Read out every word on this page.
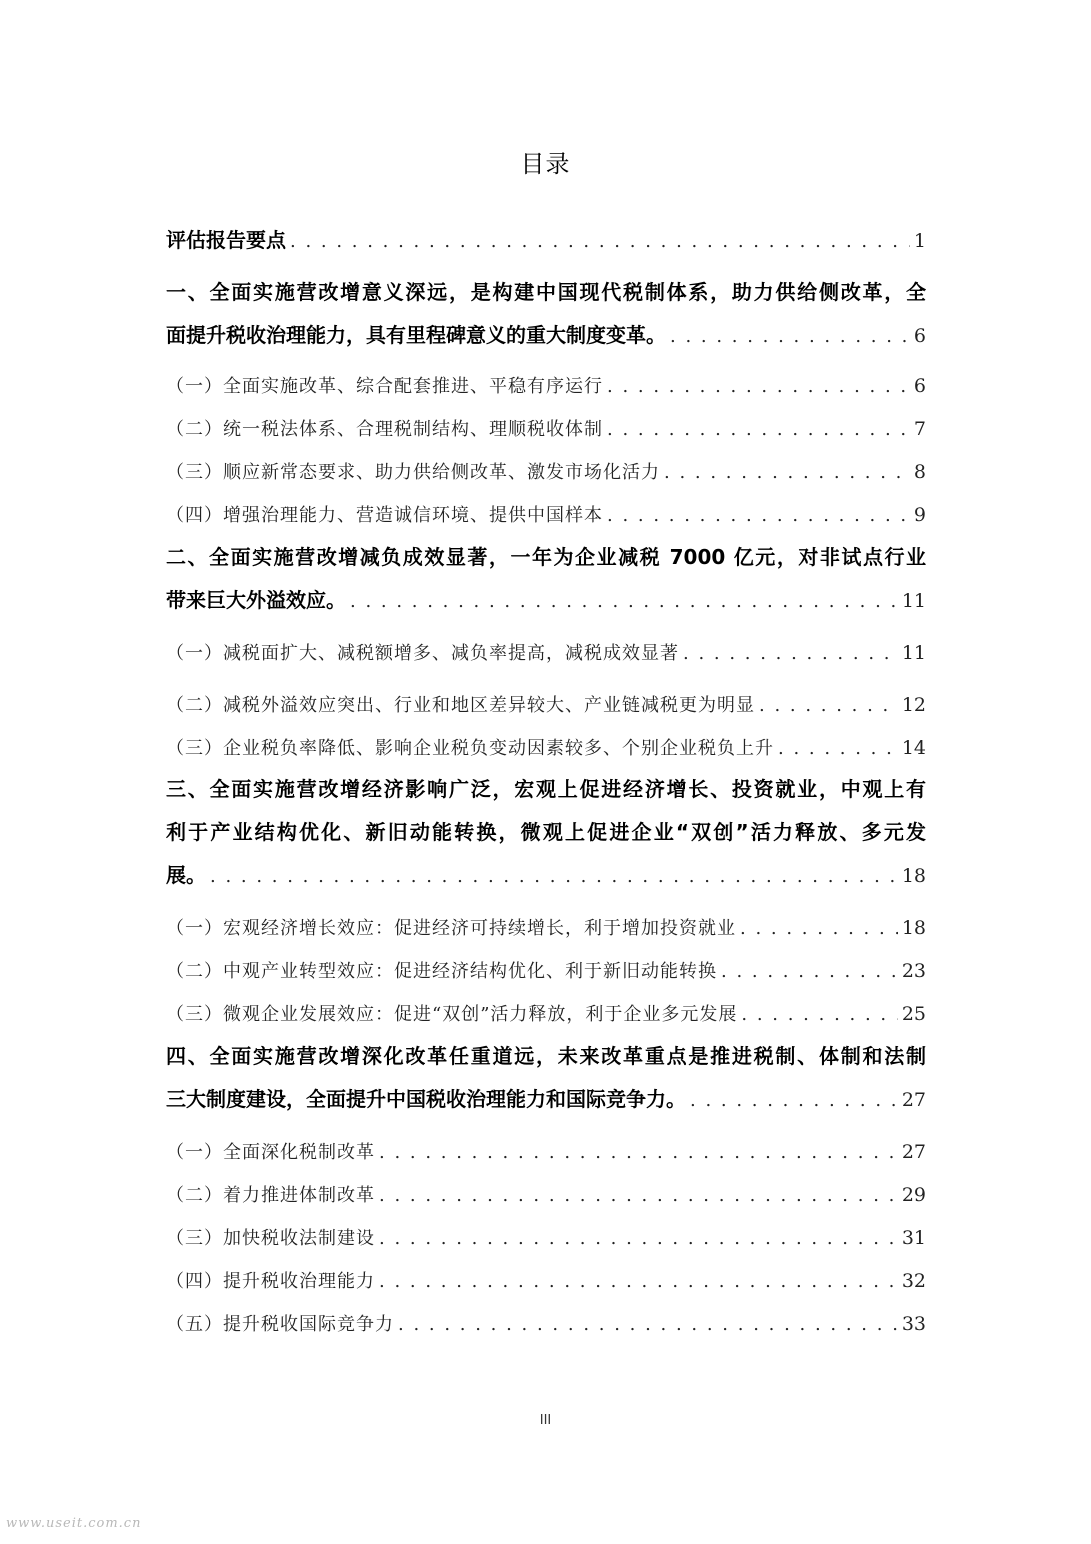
目录
评估报告要点 . . .	1
一、全面实施营改增意义深远，是构建中国现代税制体系，助力供给侧改革，全
面提升税收治理能力，具有里程碑意义的重大制度变革。 . . .	6
（一）全面实施改革、综合配套推进、平稳有序运行 . . .	6
（二）统一税法体系、合理税制结构、理顺税收体制 . . .	7
（三）顺应新常态要求、助力供给侧改革、激发市场化活力 . . .	8
（四）增强治理能力、营造诚信环境、提供中国样本 . . .	9
二、全面实施营改增减负成效显著，一年为企业减税 7000 亿元，对非试点行业
带来巨大外溢效应。 . . .	11
（一）减税面扩大、减税额增多、减负率提高，减税成效显著 . . .	11
（二）减税外溢效应突出、行业和地区差异较大、产业链减税更为明显 . . .	12
（三）企业税负率降低、影响企业税负变动因素较多、个别企业税负上升 . . .	14
三、全面实施营改增经济影响广泛，宏观上促进经济增长、投资就业，中观上有
利于产业结构优化、新旧动能转换，微观上促进企业“双创”活力释放、多元发
展。 . . .	18
（一）宏观经济增长效应：促进经济可持续增长，利于增加投资就业 . . .	18
（二）中观产业转型效应：促进经济结构优化、利于新旧动能转换 . . .	23
（三）微观企业发展效应：促进“双创”活力释放，利于企业多元发展 . . .	25
四、全面实施营改增深化改革任重道远，未来改革重点是推进税制、体制和法制
三大制度建设，全面提升中国税收治理能力和国际竞争力。 . . .	27
（一）全面深化税制改革 . . .	27
（二）着力推进体制改革 . . .	29
（三）加快税收法制建设 . . .	31
（四）提升税收治理能力 . . .	32
（五）提升税收国际竞争力 . . .	33
III
www.useit.com.cn
